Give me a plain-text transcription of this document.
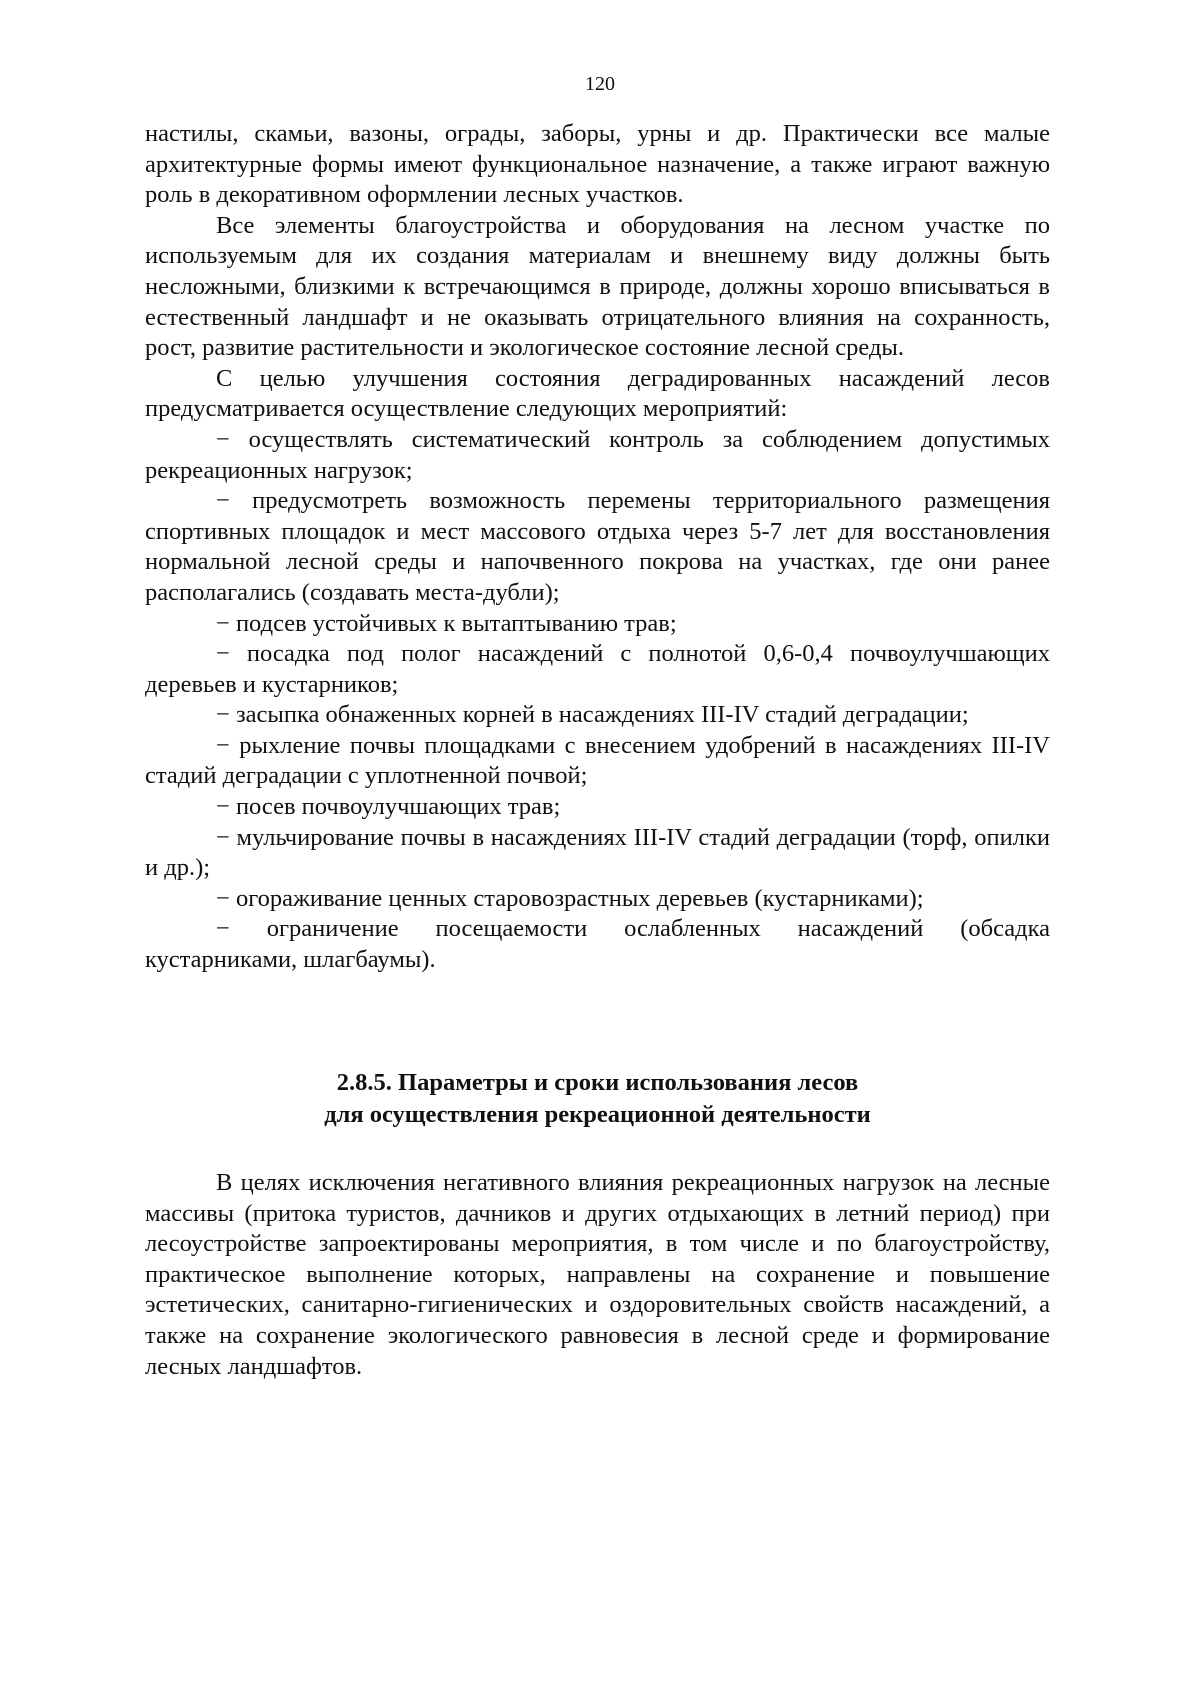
120

настилы, скамьи, вазоны, ограды, заборы, урны и др. Практически все малые архитектурные формы имеют функциональное назначение, а также играют важную роль в декоративном оформлении лесных участков.

Все элементы благоустройства и оборудования на лесном участке по используемым для их создания материалам и внешнему виду должны быть несложными, близкими к встречающимся в природе, должны хорошо вписываться в естественный ландшафт и не оказывать отрицательного влияния на сохранность, рост, развитие растительности и экологическое состояние лесной среды.

С целью улучшения состояния деградированных насаждений лесов предусматривается осуществление следующих мероприятий:

− осуществлять систематический контроль за соблюдением допустимых рекреационных нагрузок;

− предусмотреть возможность перемены территориального размещения спортивных площадок и мест массового отдыха через 5-7 лет для восстановления нормальной лесной среды и напочвенного покрова на участках, где они ранее располагались (создавать места-дубли);

− подсев устойчивых к вытаптыванию трав;

− посадка под полог насаждений с полнотой 0,6-0,4 почвоулучшающих деревьев и кустарников;

− засыпка обнаженных корней в насаждениях III-IV стадий деградации;

− рыхление почвы площадками с внесением удобрений в насаждениях III-IV стадий деградации с уплотненной почвой;

− посев почвоулучшающих трав;

− мульчирование почвы в насаждениях III-IV стадий деградации (торф, опилки и др.);

− огораживание ценных старовозрастных деревьев (кустарниками);

− ограничение посещаемости ослабленных насаждений (обсадка кустарниками, шлагбаумы).

2.8.5. Параметры и сроки использования лесов
для осуществления рекреационной деятельности

В целях исключения негативного влияния рекреационных нагрузок на лесные массивы (притока туристов, дачников и других отдыхающих в летний период) при лесоустройстве запроектированы мероприятия, в том числе и по благоустройству, практическое выполнение которых, направлены на сохранение и повышение эстетических, санитарно-гигиенических и оздоровительных свойств насаждений, а также на сохранение экологического равновесия в лесной среде и формирование лесных ландшафтов.
